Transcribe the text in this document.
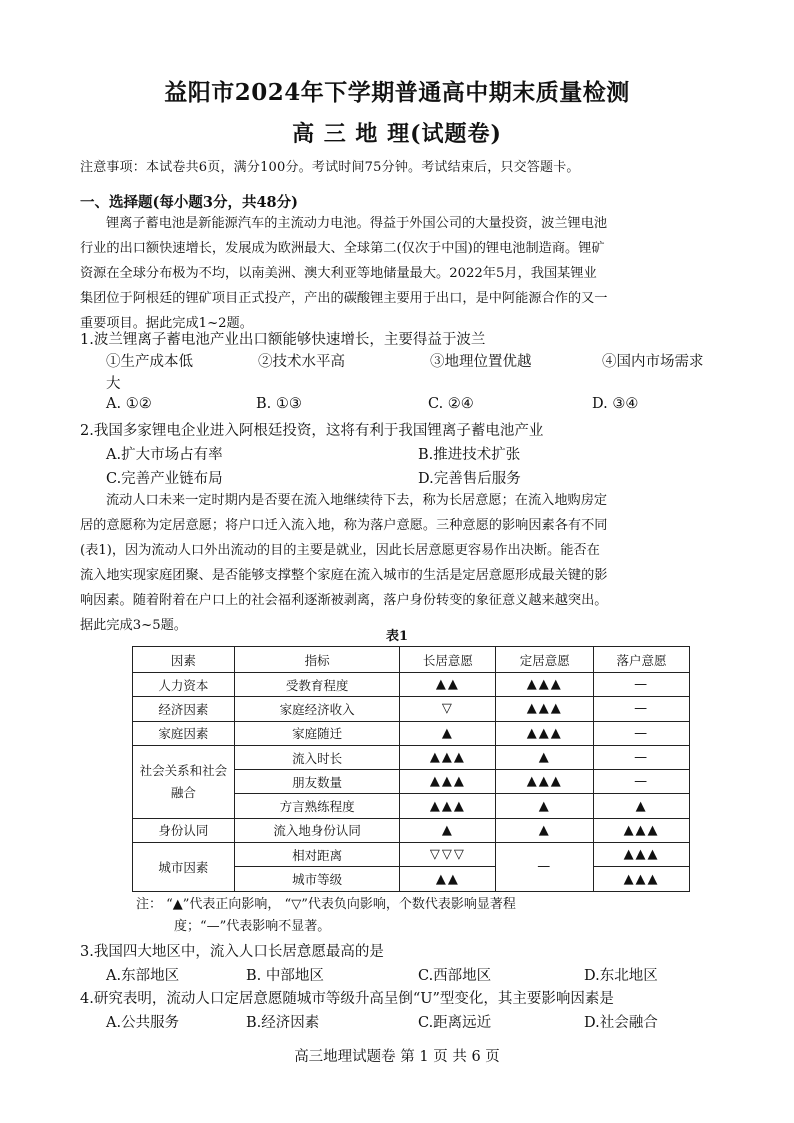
益阳市2024年下学期普通高中期末质量检测
高 三 地 理(试题卷)
注意事项：本试卷共6页，满分100分。考试时间75分钟。考试结束后，只交答题卡。
一、选择题(每小题3分，共48分)
锂离子蓄电池是新能源汽车的主流动力电池。得益于外国公司的大量投资，波兰锂电池
行业的出口额快速增长，发展成为欧洲最大、全球第二(仅次于中国)的锂电池制造商。锂矿
资源在全球分布极为不均，以南美洲、澳大利亚等地储量最大。2022年5月，我国某锂业
集团位于阿根廷的锂矿项目正式投产，产出的碳酸锂主要用于出口，是中阿能源合作的又一
重要项目。据此完成1~2题。
1.波兰锂离子蓄电池产业出口额能够快速增长，主要得益于波兰
①生产成本低	②技术水平高	③地理位置优越	④国内市场需求
大
A. ①②	B. ①③	C. ②④	D. ③④
2.我国多家锂电企业进入阿根廷投资，这将有利于我国锂离子蓄电池产业
A.扩大市场占有率	B.推进技术扩张
C.完善产业链布局	D.完善售后服务
流动人口未来一定时期内是否要在流入地继续待下去，称为长居意愿；在流入地购房定
居的意愿称为定居意愿；将户口迁入流入地，称为落户意愿。三种意愿的影响因素各有不同
(表1)，因为流动人口外出流动的目的主要是就业，因此长居意愿更容易作出决断。能否在
流入地实现家庭团聚、是否能够支撑整个家庭在流入城市的生活是定居意愿形成最关键的影
响因素。随着附着在户口上的社会福利逐渐被剥离，落户身份转变的象征意义越来越突出。
据此完成3~5题。
表1
因素	指标	长居意愿	定居意愿	落户意愿
人力资本	受教育程度	▲▲	▲▲▲	—
经济因素	家庭经济收入	▽	▲▲▲	—
家庭因素	家庭随迁	▲	▲▲▲	—
社会关系和社会融合	流入时长	▲▲▲	▲	—
	朋友数量	▲▲▲	▲▲▲	—
	方言熟练程度	▲▲▲	▲	▲
身份认同	流入地身份认同	▲	▲	▲▲▲
城市因素	相对距离	▽▽▽	—	▲▲▲
	城市等级	▲▲		▲▲▲
注： “▲”代表正向影响， “▽”代表负向影响，个数代表影响显著程
度；“—”代表影响不显著。
3.我国四大地区中，流入人口长居意愿最高的是
A.东部地区	B. 中部地区	C.西部地区	D.东北地区
4.研究表明，流动人口定居意愿随城市等级升高呈倒“U”型变化，其主要影响因素是
A.公共服务	B.经济因素	C.距离远近	D.社会融合
高三地理试题卷 第 1 页 共 6 页
